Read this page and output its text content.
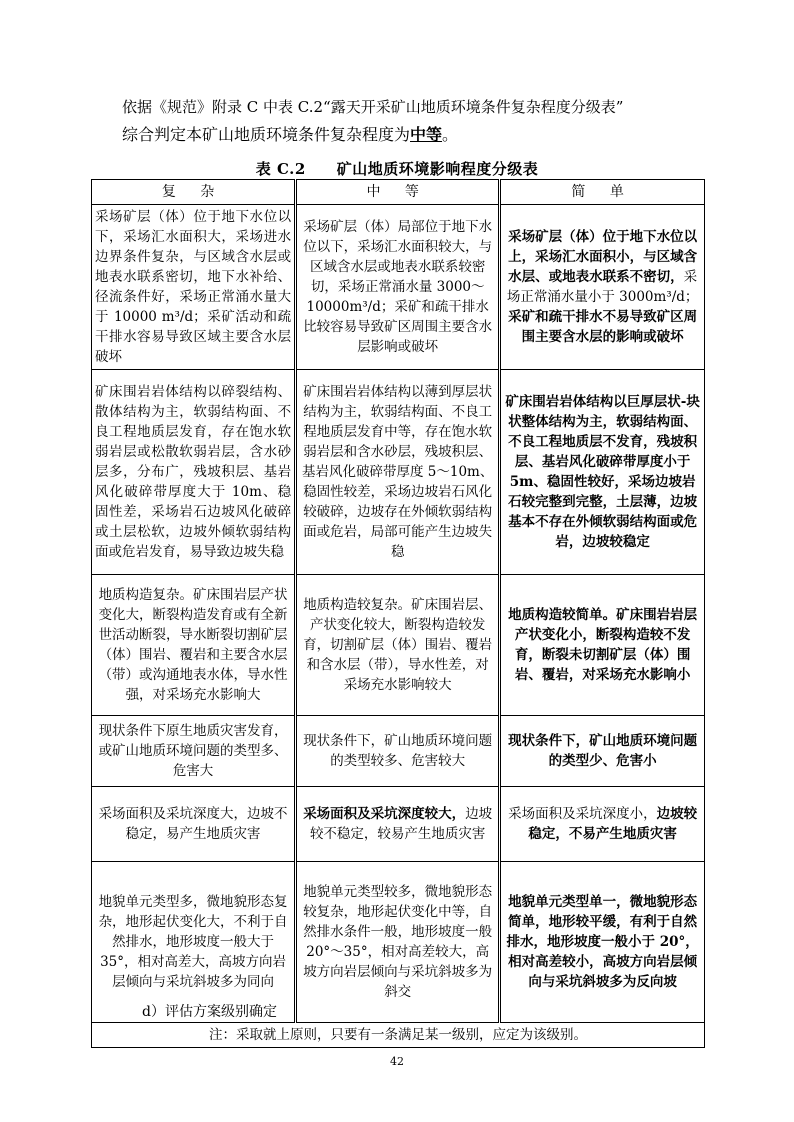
依据《规范》附录 C 中表 C.2“露天开采矿山地质环境条件复杂程度分级表”
综合判定本矿山地质环境条件复杂程度为中等。
表 C.2　　矿山地质环境影响程度分级表
复 杂	中 等	简 单
采场矿层（体）位于地下水位以下，采场汇水面积大，采场进水边界条件复杂，与区域含水层或地表水联系密切，地下水补给、径流条件好，采场正常涌水量大于 10000 m³/d；采矿活动和疏干排水容易导致区域主要含水层破坏	采场矿层（体）局部位于地下水位以下，采场汇水面积较大，与区域含水层或地表水联系较密切，采场正常涌水量 3000～10000m³/d；采矿和疏干排水比较容易导致矿区周围主要含水层影响或破坏	采场矿层（体）位于地下水位以上，采场汇水面积小，与区域含水层、或地表水联系不密切，采场正常涌水量小于 3000m³/d；采矿和疏干排水不易导致矿区周围主要含水层的影响或破坏
矿床围岩岩体结构以碎裂结构、散体结构为主，软弱结构面、不良工程地质层发育，存在饱水软弱岩层或松散软弱岩层，含水砂层多，分布广，残坡积层、基岩风化破碎带厚度大于 10m、稳固性差，采场岩石边坡风化破碎或土层松软，边坡外倾软弱结构面或危岩发育，易导致边坡失稳	矿床围岩岩体结构以薄到厚层状结构为主，软弱结构面、不良工程地质层发育中等，存在饱水软弱岩层和含水砂层，残坡积层、基岩风化破碎带厚度 5～10m、稳固性较差，采场边坡岩石风化较破碎，边坡存在外倾软弱结构面或危岩，局部可能产生边坡失稳	矿床围岩岩体结构以巨厚层状-块状整体结构为主，软弱结构面、不良工程地质层不发育，残坡积层、基岩风化破碎带厚度小于 5m、稳固性较好，采场边坡岩石较完整到完整，土层薄，边坡基本不存在外倾软弱结构面或危岩，边坡较稳定
地质构造复杂。矿床围岩层产状变化大，断裂构造发育或有全新世活动断裂，导水断裂切割矿层（体）围岩、覆岩和主要含水层（带）或沟通地表水体，导水性强，对采场充水影响大	地质构造较复杂。矿床围岩层、产状变化较大，断裂构造较发育，切割矿层（体）围岩、覆岩和含水层（带），导水性差，对采场充水影响较大	地质构造较简单。矿床围岩岩层产状变化小，断裂构造较不发育，断裂未切割矿层（体）围岩、覆岩，对采场充水影响小
现状条件下原生地质灾害发育，或矿山地质环境问题的类型多、危害大	现状条件下，矿山地质环境问题的类型较多、危害较大	现状条件下，矿山地质环境问题的类型少、危害小
采场面积及采坑深度大，边坡不稳定，易产生地质灾害	采场面积及采坑深度较大，边坡较不稳定，较易产生地质灾害	采场面积及采坑深度小，边坡较稳定，不易产生地质灾害
地貌单元类型多，微地貌形态复杂，地形起伏变化大，不利于自然排水，地形坡度一般大于 35°，相对高差大，高坡方向岩层倾向与采坑斜坡多为同向	地貌单元类型较多，微地貌形态较复杂，地形起伏变化中等，自然排水条件一般，地形坡度一般 20°～35°，相对高差较大，高坡方向岩层倾向与采坑斜坡多为斜交	地貌单元类型单一，微地貌形态简单，地形较平缓，有利于自然排水，地形坡度一般小于 20°，相对高差较小，高坡方向岩层倾向与采坑斜坡多为反向坡
注：采取就上原则，只要有一条满足某一级别，应定为该级别。		
d）评估方案级别确定
42
